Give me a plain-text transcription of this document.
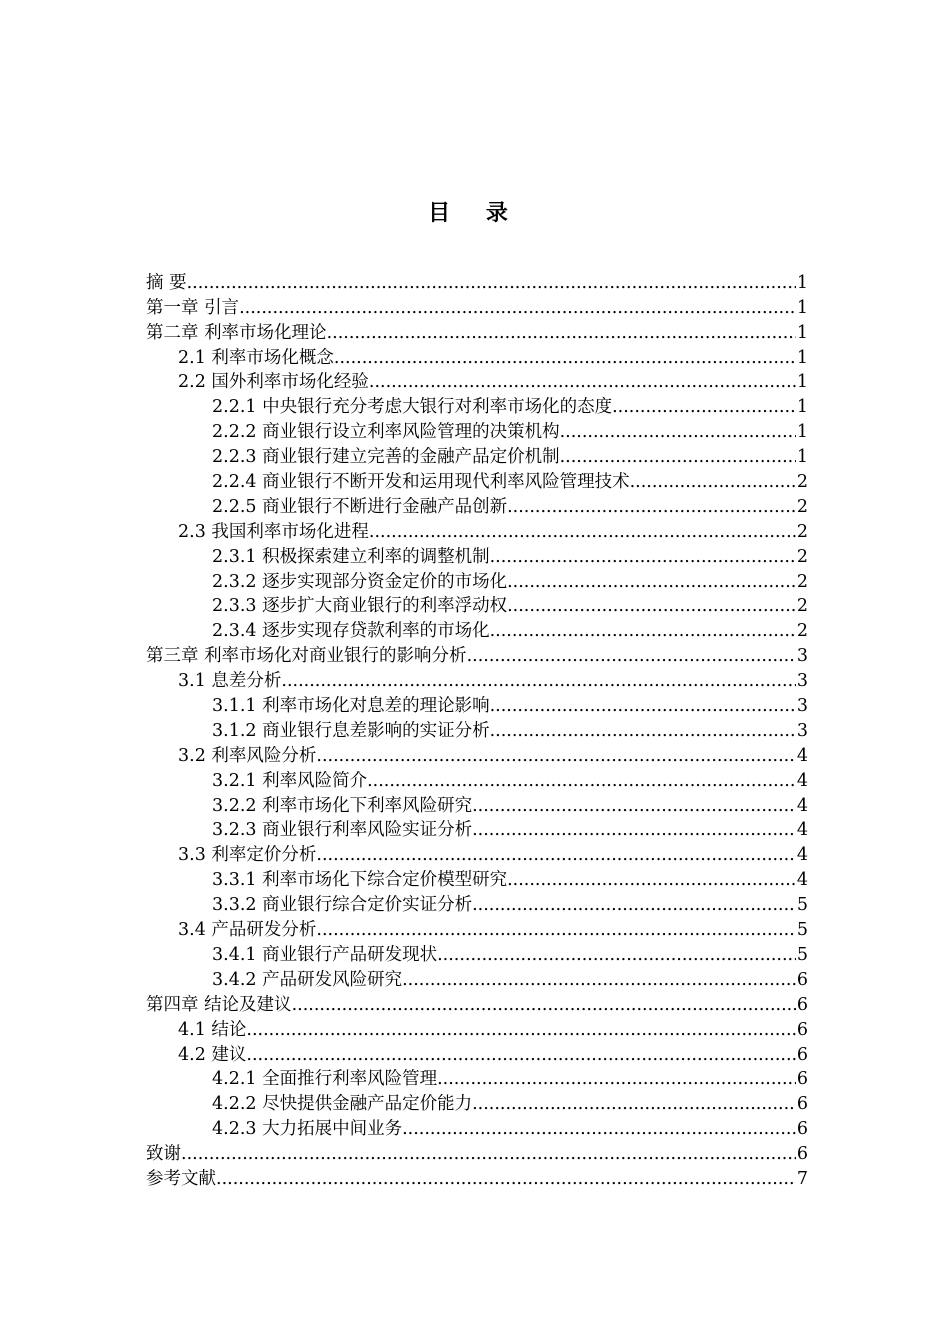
目 录
摘 要 .....	1
第一章 引言 .....	1
第二章 利率市场化理论 .....	1
2.1 利率市场化概念 .....	1
2.2 国外利率市场化经验 .....	1
2.2.1 中央银行充分考虑大银行对利率市场化的态度 .....	1
2.2.2 商业银行设立利率风险管理的决策机构 .....	1
2.2.3 商业银行建立完善的金融产品定价机制 .....	1
2.2.4 商业银行不断开发和运用现代利率风险管理技术 .....	2
2.2.5 商业银行不断进行金融产品创新 .....	2
2.3 我国利率市场化进程 .....	2
2.3.1 积极探索建立利率的调整机制 .....	2
2.3.2 逐步实现部分资金定价的市场化 .....	2
2.3.3 逐步扩大商业银行的利率浮动权 .....	2
2.3.4 逐步实现存贷款利率的市场化 .....	2
第三章 利率市场化对商业银行的影响分析 .....	3
3.1 息差分析 .....	3
3.1.1 利率市场化对息差的理论影响 .....	3
3.1.2 商业银行息差影响的实证分析 .....	3
3.2 利率风险分析 .....	4
3.2.1 利率风险简介 .....	4
3.2.2 利率市场化下利率风险研究 .....	4
3.2.3 商业银行利率风险实证分析 .....	4
3.3 利率定价分析 .....	4
3.3.1 利率市场化下综合定价模型研究 .....	4
3.3.2 商业银行综合定价实证分析 .....	5
3.4 产品研发分析 .....	5
3.4.1 商业银行产品研发现状 .....	5
3.4.2 产品研发风险研究 .....	6
第四章 结论及建议 .....	6
4.1 结论 .....	6
4.2 建议 .....	6
4.2.1 全面推行利率风险管理 .....	6
4.2.2 尽快提供金融产品定价能力 .....	6
4.2.3 大力拓展中间业务 .....	6
致谢 .....	6
参考文献 .....	7
